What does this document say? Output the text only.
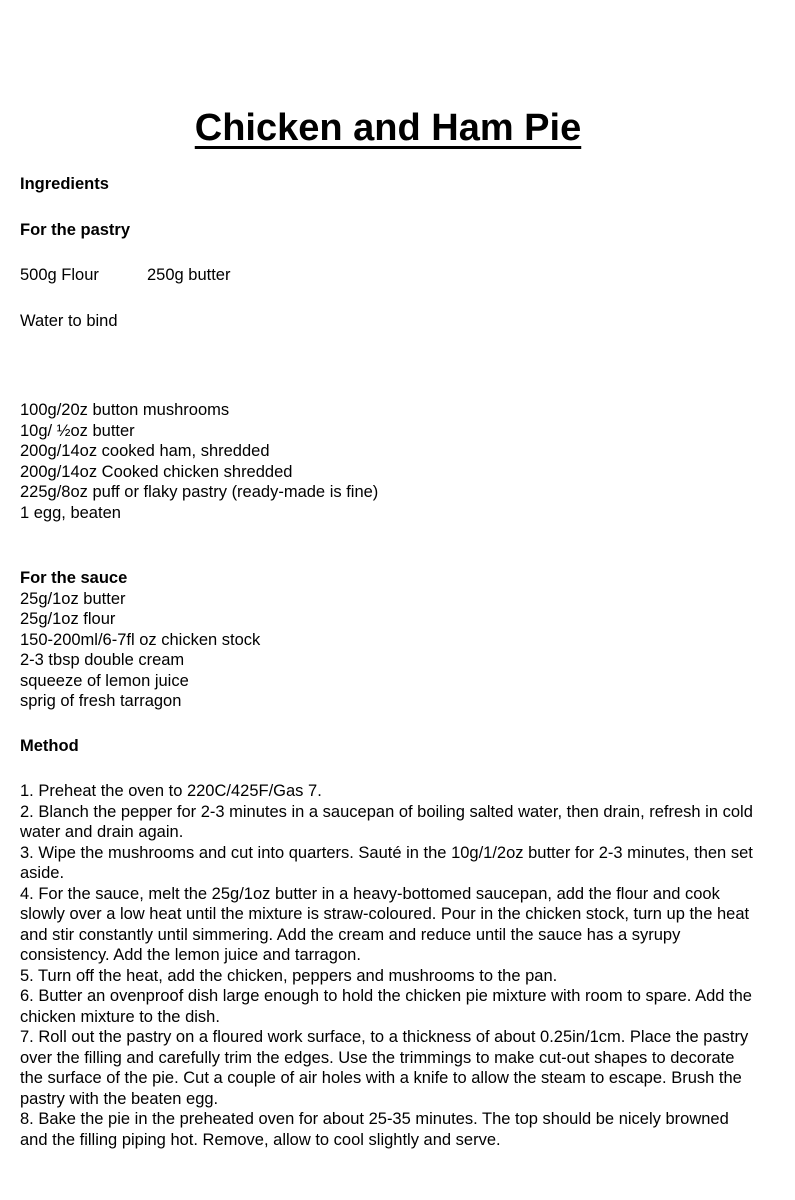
Chicken and Ham Pie
Ingredients
For the pastry
500g Flour	250g butter
Water to bind
100g/20z button mushrooms
10g/ ½oz butter
200g/14oz cooked ham, shredded
200g/14oz Cooked chicken shredded
225g/8oz puff or flaky pastry (ready-made is fine)
1 egg, beaten
For the sauce
25g/1oz butter
25g/1oz flour
150-200ml/6-7fl oz chicken stock
2-3 tbsp double cream
squeeze of lemon juice
sprig of fresh tarragon
Method
1. Preheat the oven to 220C/425F/Gas 7.
2. Blanch the pepper for 2-3 minutes in a saucepan of boiling salted water, then drain, refresh in cold water and drain again.
3. Wipe the mushrooms and cut into quarters. Sauté in the 10g/1/2oz butter for 2-3 minutes, then set aside.
4. For the sauce, melt the 25g/1oz butter in a heavy-bottomed saucepan, add the flour and cook slowly over a low heat until the mixture is straw-coloured. Pour in the chicken stock, turn up the heat and stir constantly until simmering. Add the cream and reduce until the sauce has a syrupy consistency. Add the lemon juice and tarragon.
5. Turn off the heat, add the chicken, peppers and mushrooms to the pan.
6. Butter an ovenproof dish large enough to hold the chicken pie mixture with room to spare. Add the chicken mixture to the dish.
7. Roll out the pastry on a floured work surface, to a thickness of about 0.25in/1cm. Place the pastry over the filling and carefully trim the edges. Use the trimmings to make cut-out shapes to decorate the surface of the pie. Cut a couple of air holes with a knife to allow the steam to escape. Brush the pastry with the beaten egg.
8. Bake the pie in the preheated oven for about 25-35 minutes. The top should be nicely browned and the filling piping hot. Remove, allow to cool slightly and serve.
